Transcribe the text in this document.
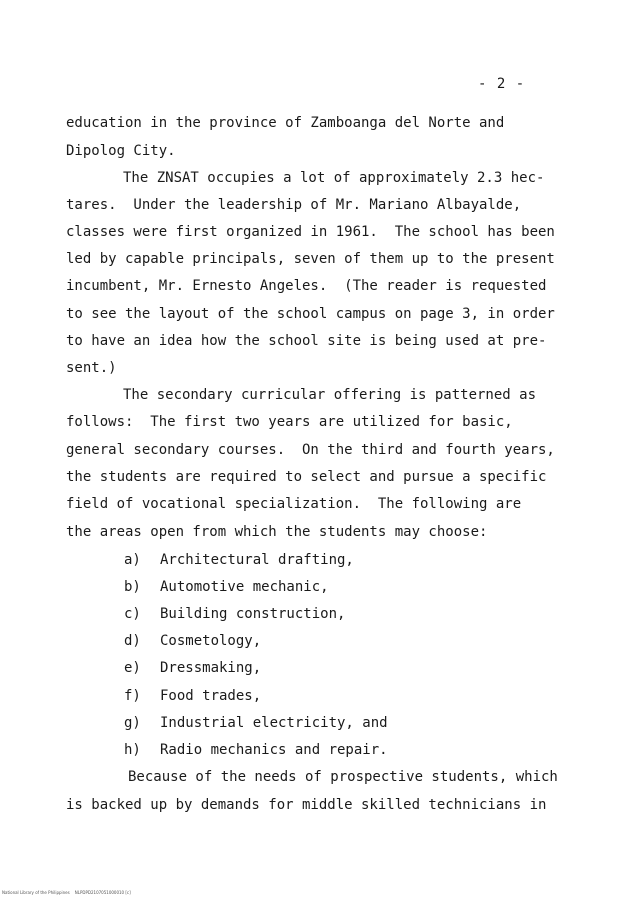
- 2 -
education in the province of Zamboanga del Norte and
Dipolog City.
The ZNSAT occupies a lot of approximately 2.3 hec-
tares.  Under the leadership of Mr. Mariano Albayalde,
classes were first organized in 1961.  The school has been
led by capable principals, seven of them up to the present
incumbent, Mr. Ernesto Angeles.  (The reader is requested
to see the layout of the school campus on page 3, in order
to have an idea how the school site is being used at pre-
sent.)
The secondary curricular offering is patterned as
follows:  The first two years are utilized for basic,
general secondary courses.  On the third and fourth years,
the students are required to select and pursue a specific
field of vocational specialization.  The following are
the areas open from which the students may choose:
a) Architectural drafting,
b) Automotive mechanic,
c) Building construction,
d) Cosmetology,
e) Dressmaking,
f) Food trades,
g) Industrial electricity, and
h) Radio mechanics and repair.
Because of the needs of prospective students, which
is backed up by demands for middle skilled technicians in
National Library of the Philippines    NLPDPD2107051000010 [c]
